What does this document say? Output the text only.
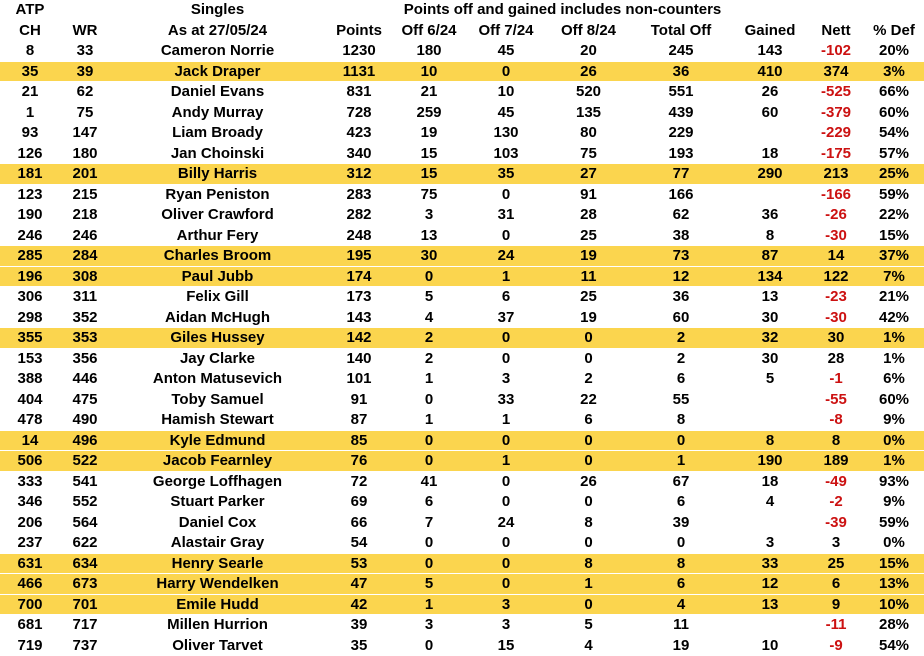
ATP		Singles		Points off and gained includes non-counters						
CH	WR	As at 27/05/24	Points	Off 6/24	Off 7/24	Off 8/24	Total Off	Gained	Nett	% Def
8	33	Cameron Norrie	1230	180	45	20	245	143	-102	20%
35	39	Jack Draper	1131	10	0	26	36	410	374	3%
21	62	Daniel Evans	831	21	10	520	551	26	-525	66%
1	75	Andy Murray	728	259	45	135	439	60	-379	60%
93	147	Liam Broady	423	19	130	80	229		-229	54%
126	180	Jan Choinski	340	15	103	75	193	18	-175	57%
181	201	Billy Harris	312	15	35	27	77	290	213	25%
123	215	Ryan Peniston	283	75	0	91	166		-166	59%
190	218	Oliver Crawford	282	3	31	28	62	36	-26	22%
246	246	Arthur Fery	248	13	0	25	38	8	-30	15%
285	284	Charles Broom	195	30	24	19	73	87	14	37%
196	308	Paul Jubb	174	0	1	11	12	134	122	7%
306	311	Felix Gill	173	5	6	25	36	13	-23	21%
298	352	Aidan McHugh	143	4	37	19	60	30	-30	42%
355	353	Giles Hussey	142	2	0	0	2	32	30	1%
153	356	Jay Clarke	140	2	0	0	2	30	28	1%
388	446	Anton Matusevich	101	1	3	2	6	5	-1	6%
404	475	Toby Samuel	91	0	33	22	55		-55	60%
478	490	Hamish Stewart	87	1	1	6	8		-8	9%
14	496	Kyle Edmund	85	0	0	0	0	8	8	0%
506	522	Jacob Fearnley	76	0	1	0	1	190	189	1%
333	541	George Loffhagen	72	41	0	26	67	18	-49	93%
346	552	Stuart Parker	69	6	0	0	6	4	-2	9%
206	564	Daniel Cox	66	7	24	8	39		-39	59%
237	622	Alastair Gray	54	0	0	0	0	3	3	0%
631	634	Henry Searle	53	0	0	8	8	33	25	15%
466	673	Harry Wendelken	47	5	0	1	6	12	6	13%
700	701	Emile Hudd	42	1	3	0	4	13	9	10%
681	717	Millen Hurrion	39	3	3	5	11		-11	28%
719	737	Oliver Tarvet	35	0	15	4	19	10	-9	54%
